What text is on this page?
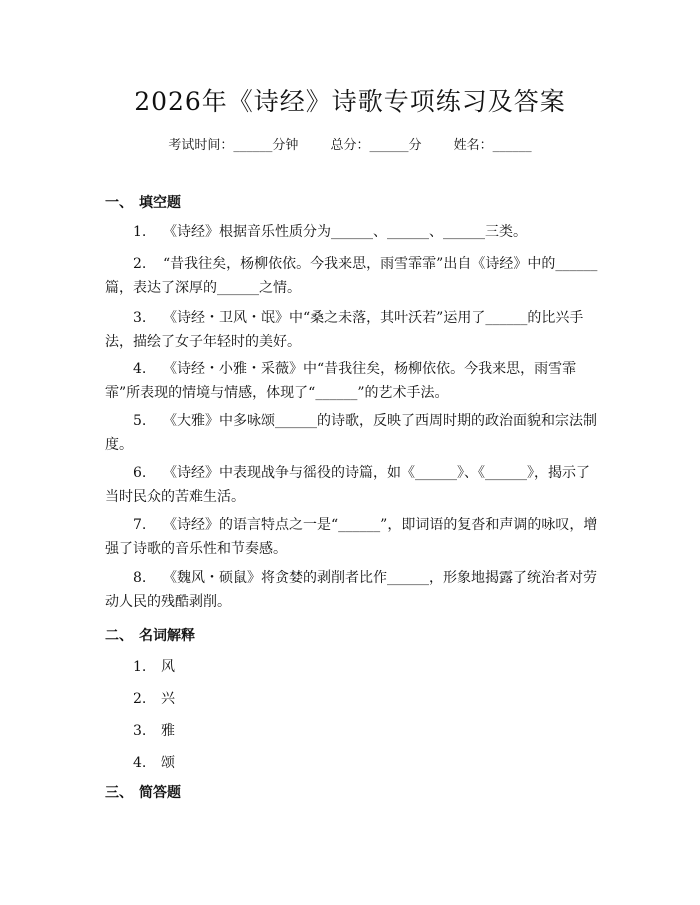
2026年《诗经》诗歌专项练习及答案
考试时间：______分钟 总分：______分 姓名：______
一、 填空题
1. 《诗经》根据音乐性质分为______、______、______三类。
2. “昔我往矣，杨柳依依。今我来思，雨雪霏霏”出自《诗经》中的______篇，表达了深厚的______之情。
3. 《诗经・卫风・氓》中“桑之未落，其叶沃若”运用了______的比兴手法，描绘了女子年轻时的美好。
4. 《诗经・小雅・采薇》中“昔我往矣，杨柳依依。今我来思，雨雪霏霏”所表现的情境与情感，体现了“______”的艺术手法。
5. 《大雅》中多咏颂______的诗歌，反映了西周时期的政治面貌和宗法制度。
6. 《诗经》中表现战争与徭役的诗篇，如《______》、《______》，揭示了当时民众的苦难生活。
7. 《诗经》的语言特点之一是“______”，即词语的复沓和声调的咏叹，增强了诗歌的音乐性和节奏感。
8. 《魏风・硕鼠》将贪婪的剥削者比作______，形象地揭露了统治者对劳动人民的残酷剥削。
二、 名词解释
1. 风
2. 兴
3. 雅
4. 颂
三、 简答题
